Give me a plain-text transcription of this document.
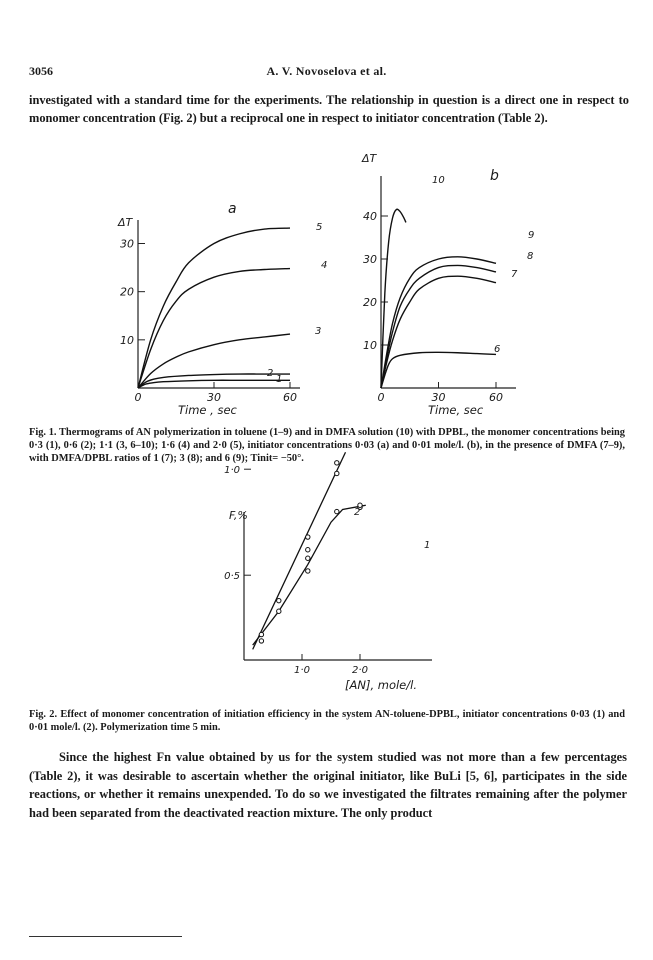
3056	A. V. Novoselova et al.

investigated with a standard time for the experiments. The relationship in question is a direct one in respect to monomer concentration (Fig. 2) but a reciprocal one in respect to initiator concentration (Table 2).

10
20
30
0	30	60
ΔT
Time , sec
a
1
2
3
4
5
10
20
30
40
0	30	60
ΔT
Time, sec
b
6
7
8
9
10
0·5
1·0
1·0	2·0
F,%
[AN], mole/l.
1
2

Fig. 1. Thermograms of AN polymerization in toluene (1–9) and in DMFA solution (10) with DPBL, the monomer concentrations being 0·3 (1), 0·6 (2); 1·1 (3, 6–10); 1·6 (4) and 2·0 (5), initiator concentrations 0·03 (a) and 0·01 mole/l. (b), in the presence of DMFA (7–9), with DMFA/DPBL ratios of 1 (7); 3 (8); and 6 (9); Tinit= −50°.

Fig. 2. Effect of monomer concentration of initiation efficiency in the system AN-toluene-DPBL, initiator concentrations 0·03 (1) and 0·01 mole/l. (2). Polymerization time 5 min.

Since the highest Fn value obtained by us for the system studied was not more than a few percentages (Table 2), it was desirable to ascertain whether the original initiator, like BuLi [5, 6], participates in the side reactions, or whether it remains unexpended. To do so we investigated the filtrates remaining after the polymer had been separated from the deactivated reaction mixture. The only product
